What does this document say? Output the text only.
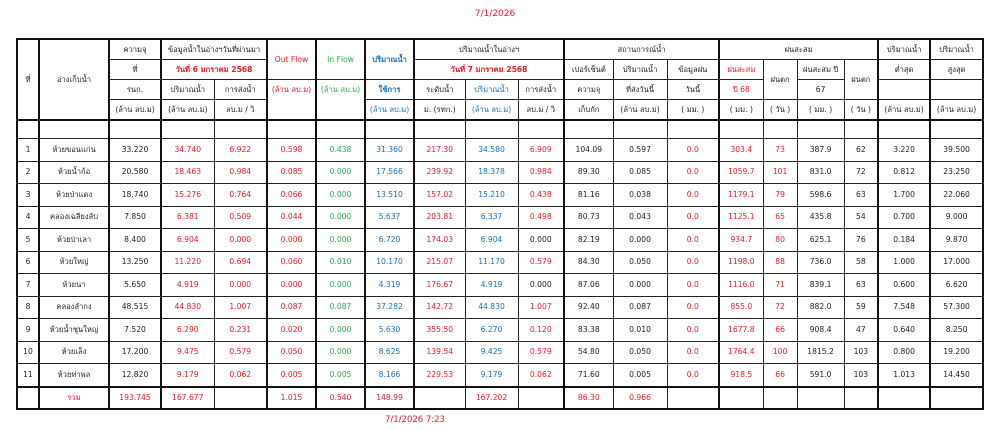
7/1/2026
ที่	อ่างเก็บน้ำ	ความจุ	ข้อมูลน้ำในอ่างฯวันที่ผ่านมา		Out Flow	In Flow	ปริมาณน้ำ	ปริมาณน้ำในอ่างฯ			สถานการณ์น้ำ			ฝนสะสม				ปริมาณน้ำ	ปริมาณน้ำ
		ที่	วันที่ 6 มกราคม 2568					วันที่ 7 มกราคม 2568			เปอร์เซ็นต์	ปริมาณน้ำ	ข้อมูลฝน	ฝนสะสม	ฝนตก	ฝนสะสม ปี	ฝนตก	ต่ำสุด	สูงสุด
		รนก.	ปริมาณน้ำ	การส่งน้ำ	(ล้าน ลบ.ม)	(ล้าน ลบ.ม)	ใช้การ	ระดับน้ำ	ปริมาณน้ำ	การส่งน้ำ	ความจุ	ที่ส่งวันนี้	วันนี้	ปี 68		67			
		(ล้าน ลบ.ม)	(ล้าน ลบ.ม)	ลบ.ม / วิ			(ล้าน ลบ.ม)	ม. (รทก.)	(ล้าน ลบ.ม)	ลบ.ม / วิ	เก็บกัก	(ล้าน ลบ.ม)	( มม. )	( มม. )	( วัน )	( มม. )	( วัน )	(ล้าน ลบ.ม)	(ล้าน ลบ.ม)

1	ห้วยขอนแก่น	33.220	34.740	6.922	0.598	0.438	31.360	217.30	34.580	6.909	104.09	0.597	0.0	303.4	73	387.9	62	3.220	39.500
2	ห้วยน้ำก้อ	20.580	18.463	0.984	0.085	0.000	17.566	239.92	18.378	0.984	89.30	0.085	0.0	1059.7	101	831.0	72	0.812	23.250
3	ห้วยป่าแดง	18.740	15.276	0.764	0.066	0.000	13.510	157.02	15.210	0.438	81.16	0.038	0.0	1179.1	79	598.6	63	1.700	22.060
4	คลองเฉลียงลับ	7.850	6.381	0.509	0.044	0.000	5.637	203.81	6.337	0.498	80.73	0.043	0.0	1125.1	65	435.8	54	0.700	9.000
5	ห้วยป่าเลา	8.400	6.904	0.000	0.000	0.000	6.720	174.03	6.904	0.000	82.19	0.000	0.0	934.7	80	625.1	76	0.184	9.870
6	ห้วยใหญ่	13.250	11.220	0.694	0.060	0.010	10.170	215.07	11.170	0.579	84.30	0.050	0.0	1198.0	88	736.0	58	1.000	17.000
7	ห้วยนา	5.650	4.919	0.000	0.000	0.000	4.319	176.67	4.919	0.000	87.06	0.000	0.0	1116.0	71	839.1	63	0.600	6.620
8	คลองลำกง	48.515	44.830	1.007	0.087	0.087	37.282	142.72	44.830	1.007	92.40	0.087	0.0	855.0	72	882.0	59	7.548	57.300
9	ห้วยน้ำชุนใหญ่	7.520	6.290	0.231	0.020	0.000	5.630	355.50	6.270	0.120	83.38	0.010	0.0	1677.8	66	908.4	47	0.640	8.250
10	ห้วยเล็ง	17.200	9.475	0.579	0.050	0.000	8.625	139.54	9.425	0.579	54.80	0.050	0.0	1764.4	100	1815.2	103	0.800	19.200
11	ห้วยท่าพล	12.820	9.179	0.062	0.005	0.005	8.166	229.53	9.179	0.062	71.60	0.005	0.0	918.5	66	591.0	103	1.013	14.450
	รวม	193.745	167.677		1.015	0.540	148.99		167.202		86.30	0.966							
7/1/2026 7:23
